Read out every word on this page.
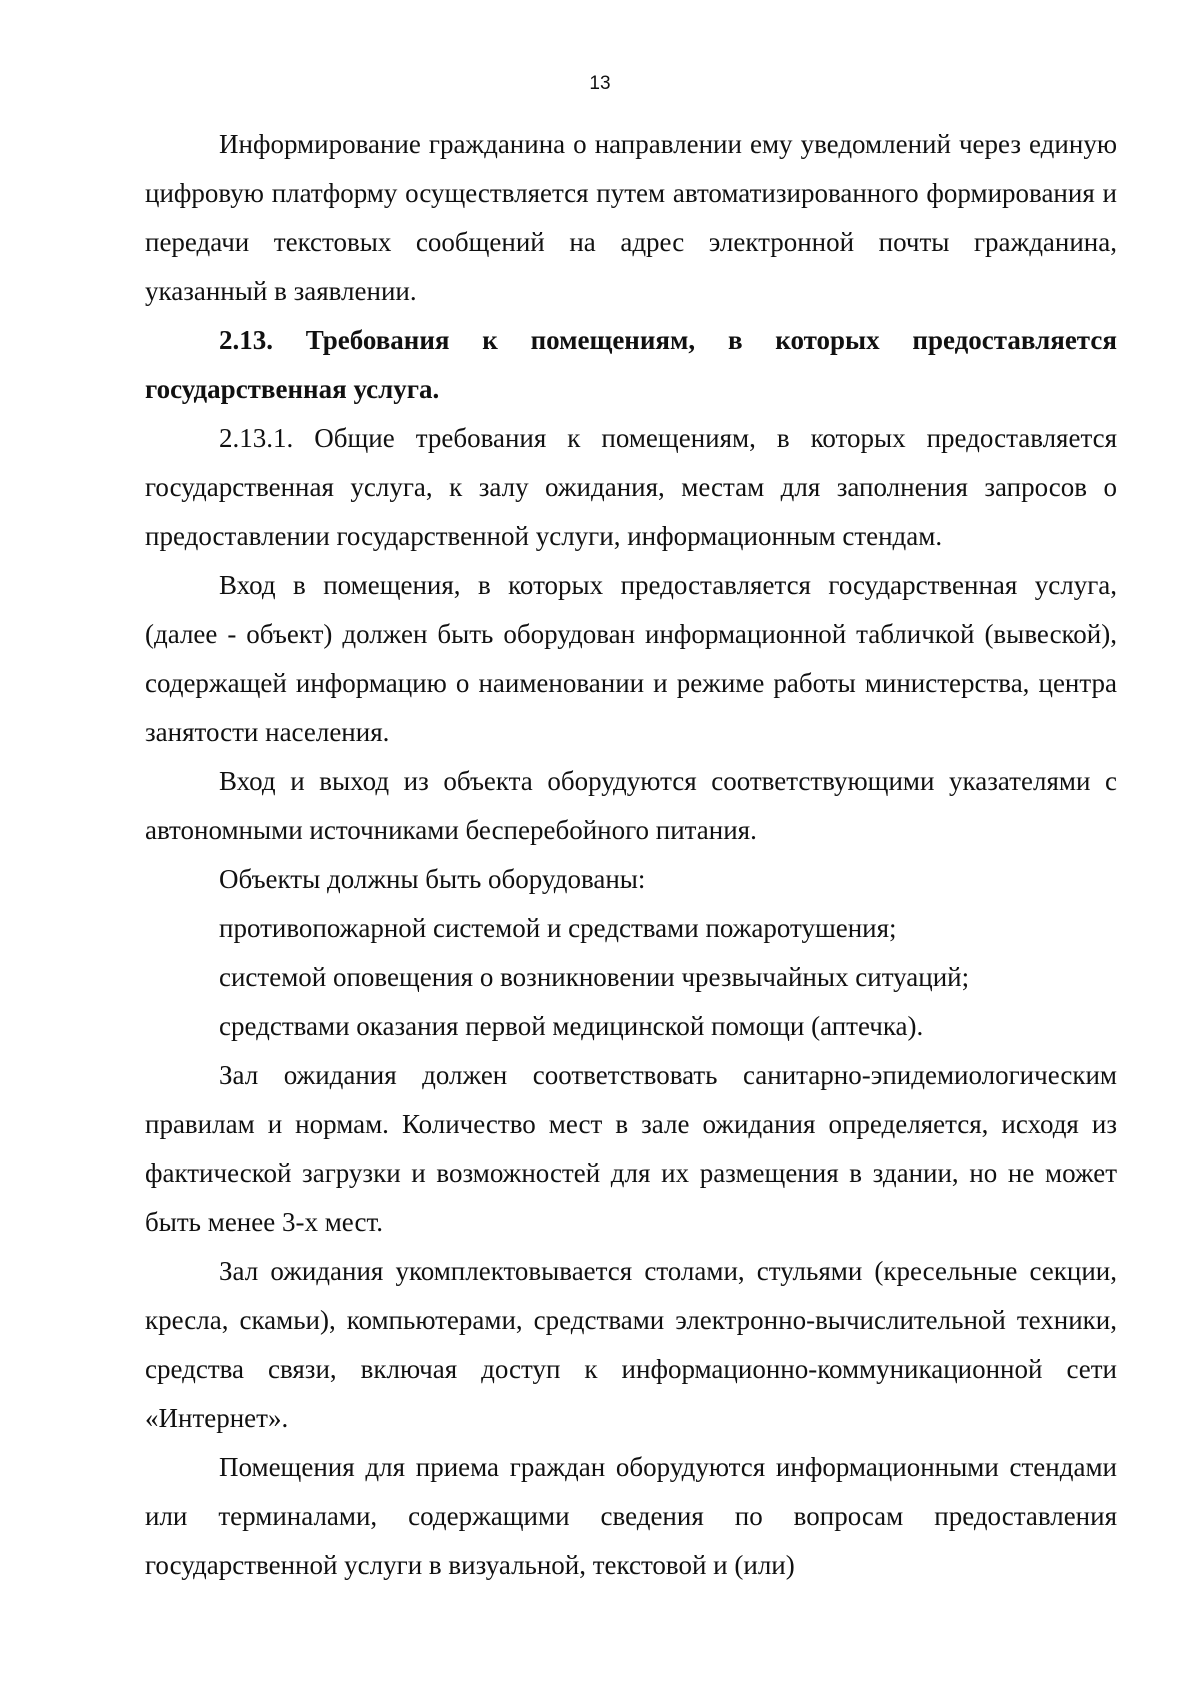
13

Информирование гражданина о направлении ему уведомлений через единую цифровую платформу осуществляется путем автоматизированного формирования и передачи текстовых сообщений на адрес электронной почты гражданина, указанный в заявлении.

2.13. Требования к помещениям, в которых предоставляется государственная услуга.

2.13.1. Общие требования к помещениям, в которых предоставляется государственная услуга, к залу ожидания, местам для заполнения запросов о предоставлении государственной услуги, информационным стендам.

Вход в помещения, в которых предоставляется государственная услуга, (далее - объект) должен быть оборудован информационной табличкой (вывеской), содержащей информацию о наименовании и режиме работы министерства, центра занятости населения.

Вход и выход из объекта оборудуются соответствующими указателями с автономными источниками бесперебойного питания.

Объекты должны быть оборудованы:

противопожарной системой и средствами пожаротушения;

системой оповещения о возникновении чрезвычайных ситуаций;

средствами оказания первой медицинской помощи (аптечка).

Зал ожидания должен соответствовать санитарно-эпидемиологическим правилам и нормам. Количество мест в зале ожидания определяется, исходя из фактической загрузки и возможностей для их размещения в здании, но не может быть менее 3-х мест.

Зал ожидания укомплектовывается столами, стульями (кресельные секции, кресла, скамьи), компьютерами, средствами электронно-вычислительной техники, средства связи, включая доступ к информационно-коммуникационной сети «Интернет».

Помещения для приема граждан оборудуются информационными стендами или терминалами, содержащими сведения по вопросам предоставления государственной услуги в визуальной, текстовой и (или)
